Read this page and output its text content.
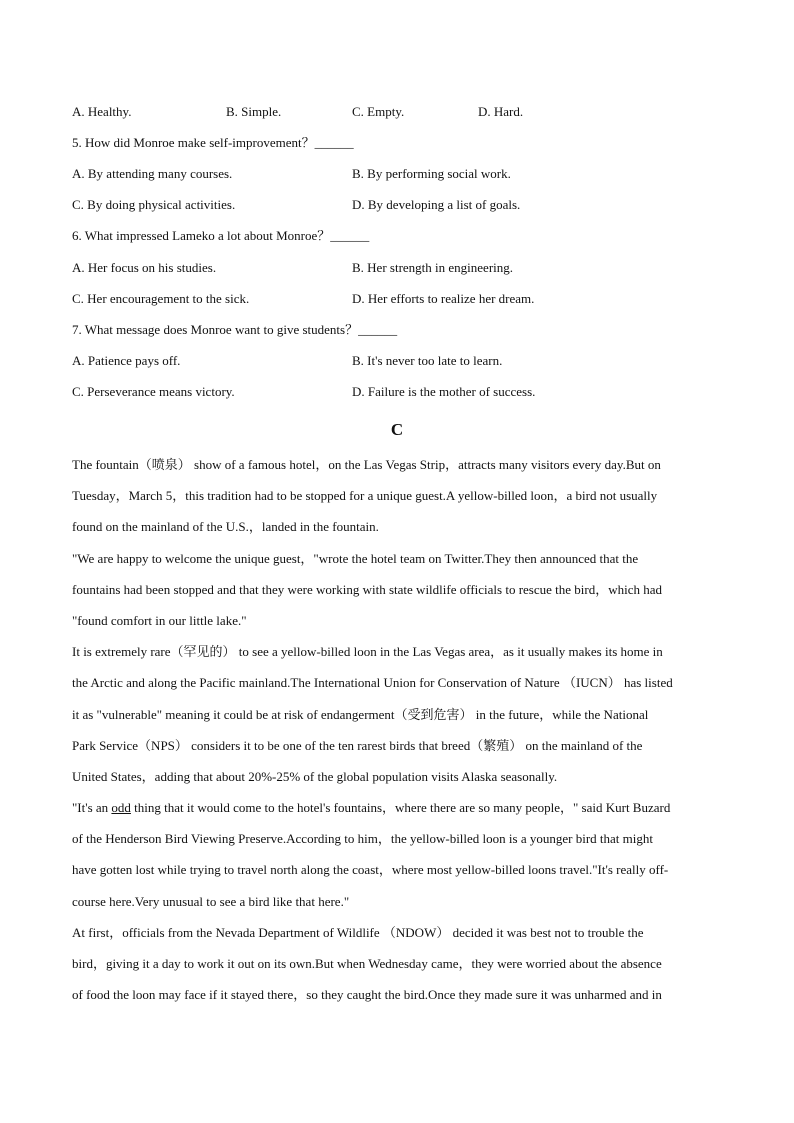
A. Healthy.	B. Simple.	C. Empty.	D. Hard.
5. How did Monroe make self-improvement？______
A. By attending many courses.	B. By performing social work.
C. By doing physical activities.	D. By developing a list of goals.
6. What impressed Lameko a lot about Monroe？______
A. Her focus on his studies.	B. Her strength in engineering.
C. Her encouragement to the sick.	D. Her efforts to realize her dream.
7. What message does Monroe want to give students？______
A. Patience pays off.	B. It's never too late to learn.
C. Perseverance means victory.	D. Failure is the mother of success.
C
The fountain（喷泉） show of a famous hotel，on the Las Vegas Strip，attracts many visitors every day.But on
Tuesday，March 5，this tradition had to be stopped for a unique guest.A yellow-billed loon，a bird not usually
found on the mainland of the U.S.，landed in the fountain.
"We are happy to welcome the unique guest，"wrote the hotel team on Twitter.They then announced that the
fountains had been stopped and that they were working with state wildlife officials to rescue the bird，which had
"found comfort in our little lake."
It is extremely rare（罕见的） to see a yellow-billed loon in the Las Vegas area，as it usually makes its home in
the Arctic and along the Pacific mainland.The International Union for Conservation of Nature （IUCN） has listed
it as "vulnerable" meaning it could be at risk of endangerment（受到危害） in the future，while the National
Park Service（NPS） considers it to be one of the ten rarest birds that breed（繁殖） on the mainland of the
United States，adding that about 20%-25% of the global population visits Alaska seasonally.
"It's an odd thing that it would come to the hotel's fountains，where there are so many people，" said Kurt Buzard
of the Henderson Bird Viewing Preserve.According to him，the yellow-billed loon is a younger bird that might
have gotten lost while trying to travel north along the coast，where most yellow-billed loons travel."It's really off-
course here.Very unusual to see a bird like that here."
At first，officials from the Nevada Department of Wildlife （NDOW） decided it was best not to trouble the
bird，giving it a day to work it out on its own.But when Wednesday came，they were worried about the absence
of food the loon may face if it stayed there，so they caught the bird.Once they made sure it was unharmed and in
